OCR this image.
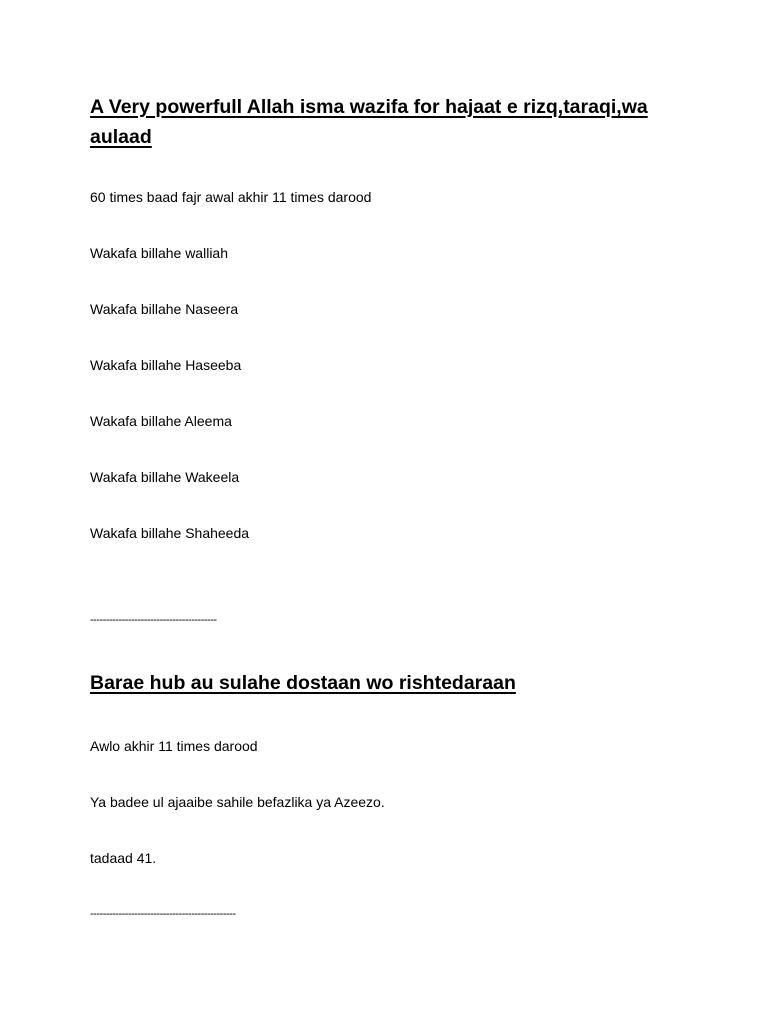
A Very powerfull Allah isma wazifa for hajaat e rizq,taraqi,wa aulaad

60 times baad fajr awal akhir 11 times darood

Wakafa billahe walliah

Wakafa billahe Naseera

Wakafa billahe Haseeba

Wakafa billahe Aleema

Wakafa billahe Wakeela

Wakafa billahe Shaheeda

----------------------------------------

Barae hub au sulahe dostaan wo rishtedaraan

Awlo akhir 11 times darood

Ya badee ul ajaaibe sahile befazlika ya Azeezo.

tadaad 41.

----------------------------------------------
